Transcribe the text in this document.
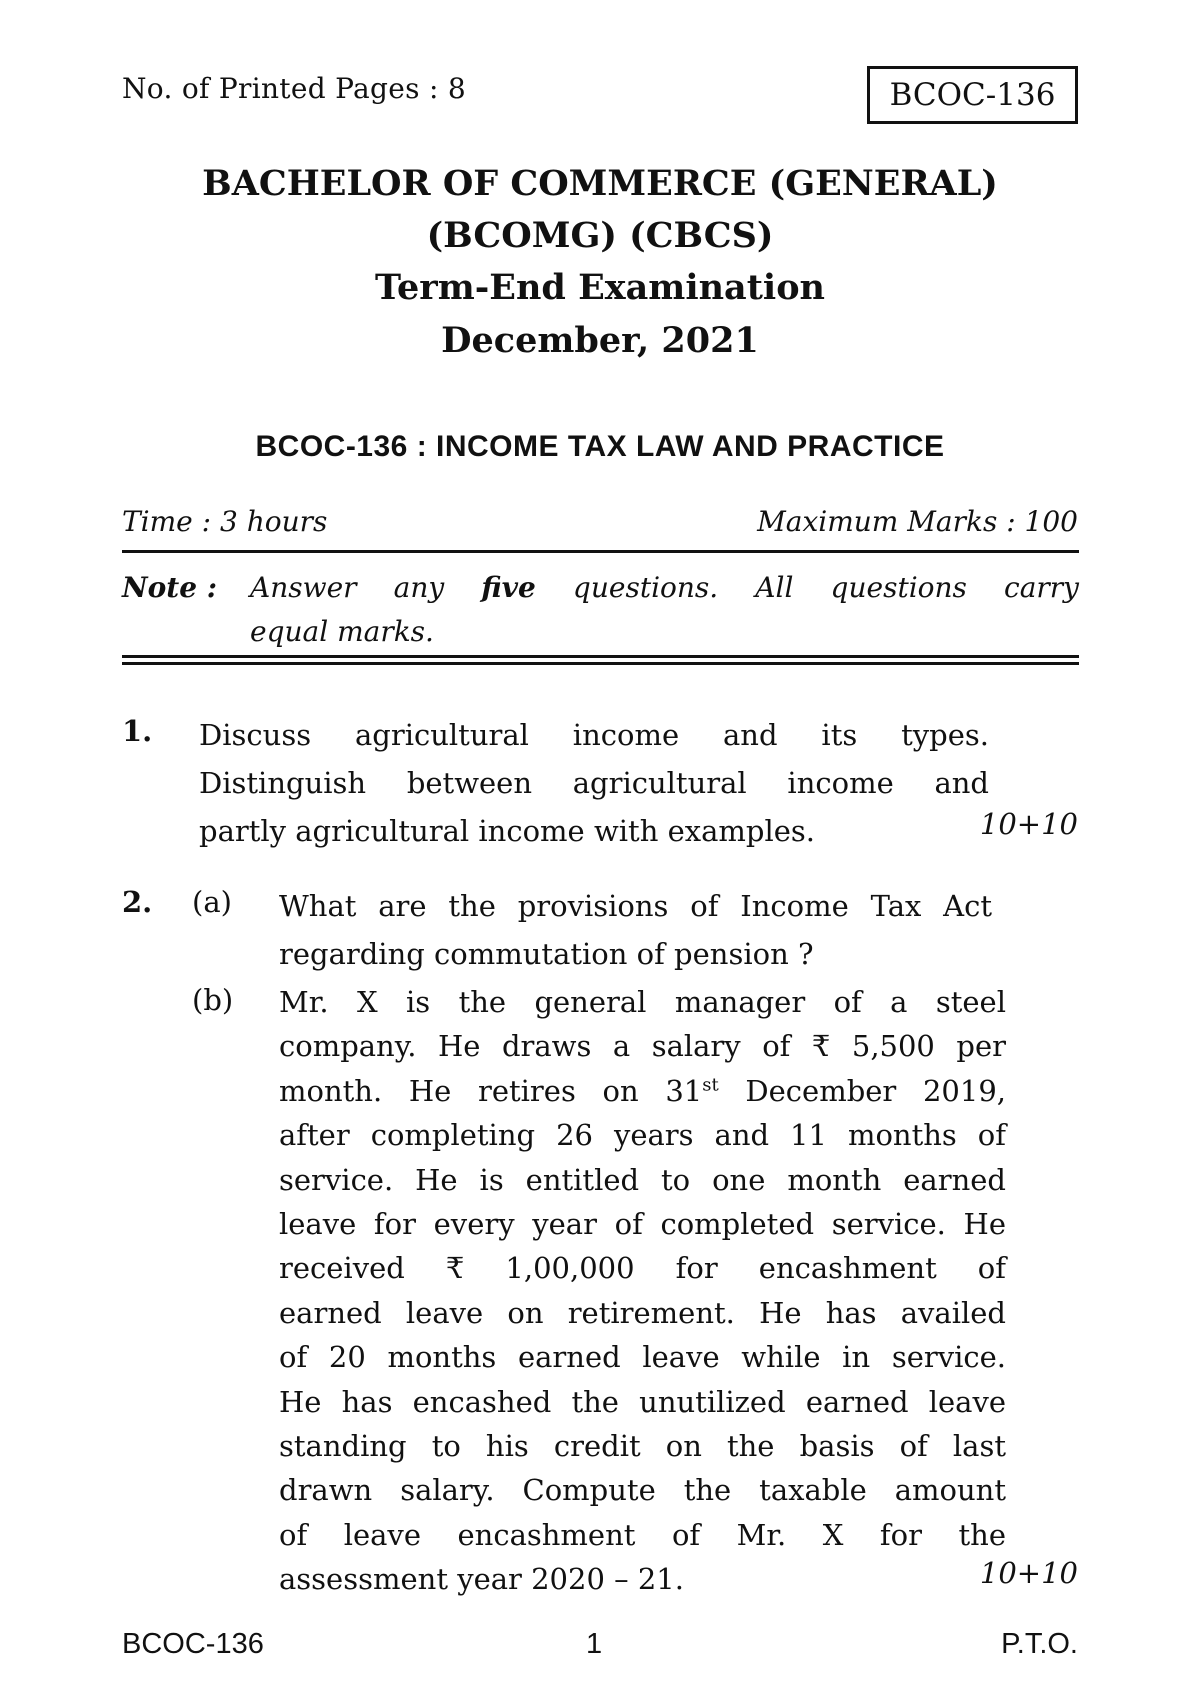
No. of Printed Pages : 8	BCOC-136
BACHELOR OF COMMERCE (GENERAL)
(BCOMG) (CBCS)
Term-End Examination
December, 2021
BCOC-136 : INCOME TAX LAW AND PRACTICE
Time : 3 hours	Maximum Marks : 100
Note : Answer any five questions. All questions carry
equal marks.
1. Discuss agricultural income and its types.
Distinguish between agricultural income and
partly agricultural income with examples.	10+10
2. (a) What are the provisions of Income Tax Act
regarding commutation of pension ?
(b) Mr. X is the general manager of a steel
company. He draws a salary of ₹ 5,500 per
month. He retires on 31st December 2019,
after completing 26 years and 11 months of
service. He is entitled to one month earned
leave for every year of completed service. He
received ₹ 1,00,000 for encashment of
earned leave on retirement. He has availed
of 20 months earned leave while in service.
He has encashed the unutilized earned leave
standing to his credit on the basis of last
drawn salary. Compute the taxable amount
of leave encashment of Mr. X for the
assessment year 2020 – 21.	10+10
BCOC-136	1	P.T.O.
